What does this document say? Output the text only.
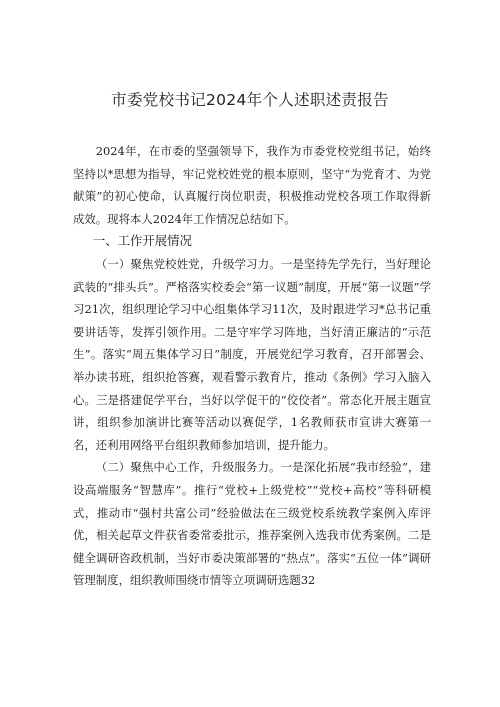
市委党校书记2024年个人述职述责报告

2024年，在市委的坚强领导下，我作为市委党校党组书记，始终坚持以*思想为指导，牢记党校姓党的根本原则，坚守“为党育才、为党献策”的初心使命，认真履行岗位职责，积极推动党校各项工作取得新成效。现将本人2024年工作情况总结如下。

一、工作开展情况

（一）聚焦党校姓党，升级学习力。一是坚持先学先行，当好理论武装的“排头兵”。严格落实校委会“第一议题”制度，开展“第一议题”学习21次，组织理论学习中心组集体学习11次，及时跟进学习*总书记重要讲话等，发挥引领作用。二是守牢学习阵地，当好清正廉洁的“示范生”。落实“周五集体学习日”制度，开展党纪学习教育，召开部署会、举办读书班，组织抢答赛，观看警示教育片，推动《条例》学习入脑入心。三是搭建促学平台，当好以学促干的“佼佼者”。常态化开展主题宣讲，组织参加演讲比赛等活动以赛促学，1名教师获市宣讲大赛第一名，还利用网络平台组织教师参加培训，提升能力。

（二）聚焦中心工作，升级服务力。一是深化拓展“我市经验”，建设高端服务“智慧库”。推行“党校+上级党校”“党校+高校”等科研模式，推动市“强村共富公司”经验做法在三级党校系统教学案例入库评优，相关起草文件获省委常委批示，推荐案例入选我市优秀案例。二是健全调研咨政机制，当好市委决策部署的“热点”。落实“五位一体”调研管理制度，组织教师围绕市情等立项调研选题32
